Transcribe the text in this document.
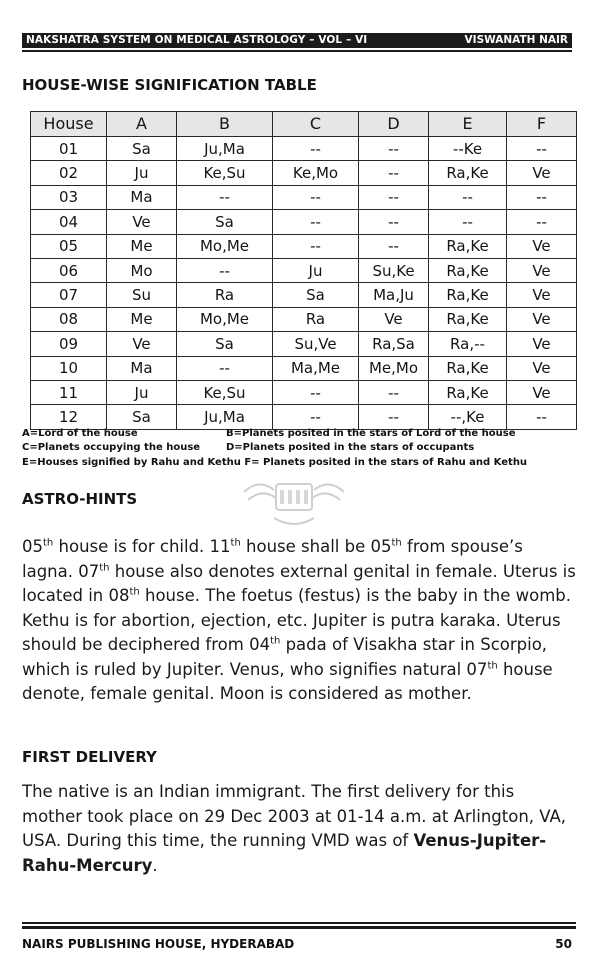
NAKSHATRA SYSTEM ON MEDICAL ASTROLOGY – VOL – VI	VISWANATH NAIR
HOUSE-WISE SIGNIFICATION TABLE
House	A	B	C	D	E	F
01	Sa	Ju,Ma	--	--	--Ke	--
02	Ju	Ke,Su	Ke,Mo	--	Ra,Ke	Ve
03	Ma	--	--	--	--	--
04	Ve	Sa	--	--	--	--
05	Me	Mo,Me	--	--	Ra,Ke	Ve
06	Mo	--	Ju	Su,Ke	Ra,Ke	Ve
07	Su	Ra	Sa	Ma,Ju	Ra,Ke	Ve
08	Me	Mo,Me	Ra	Ve	Ra,Ke	Ve
09	Ve	Sa	Su,Ve	Ra,Sa	Ra,--	Ve
10	Ma	--	Ma,Me	Me,Mo	Ra,Ke	Ve
11	Ju	Ke,Su	--	--	Ra,Ke	Ve
12	Sa	Ju,Ma	--	--	--,Ke	--
A=Lord of the house	B=Planets posited in the stars of Lord of the house
C=Planets occupying the house	D=Planets posited in the stars of occupants
E=Houses signified by Rahu and Kethu F= Planets posited in the stars of Rahu and Kethu
ASTRO-HINTS
05th house is for child. 11th house shall be 05th from spouse’s lagna. 07th house also denotes external genital in female. Uterus is located in 08th house. The foetus (festus) is the baby in the womb. Kethu is for abortion, ejection, etc. Jupiter is putra karaka. Uterus should be deciphered from 04th pada of Visakha star in Scorpio, which is ruled by Jupiter. Venus, who signifies natural 07th house denote, female genital. Moon is considered as mother.
FIRST DELIVERY
The native is an Indian immigrant. The first delivery for this mother took place on 29 Dec 2003 at 01-14 a.m. at Arlington, VA, USA. During this time, the running VMD was of Venus-Jupiter-Rahu-Mercury.
NAIRS PUBLISHING HOUSE, HYDERABAD	50
